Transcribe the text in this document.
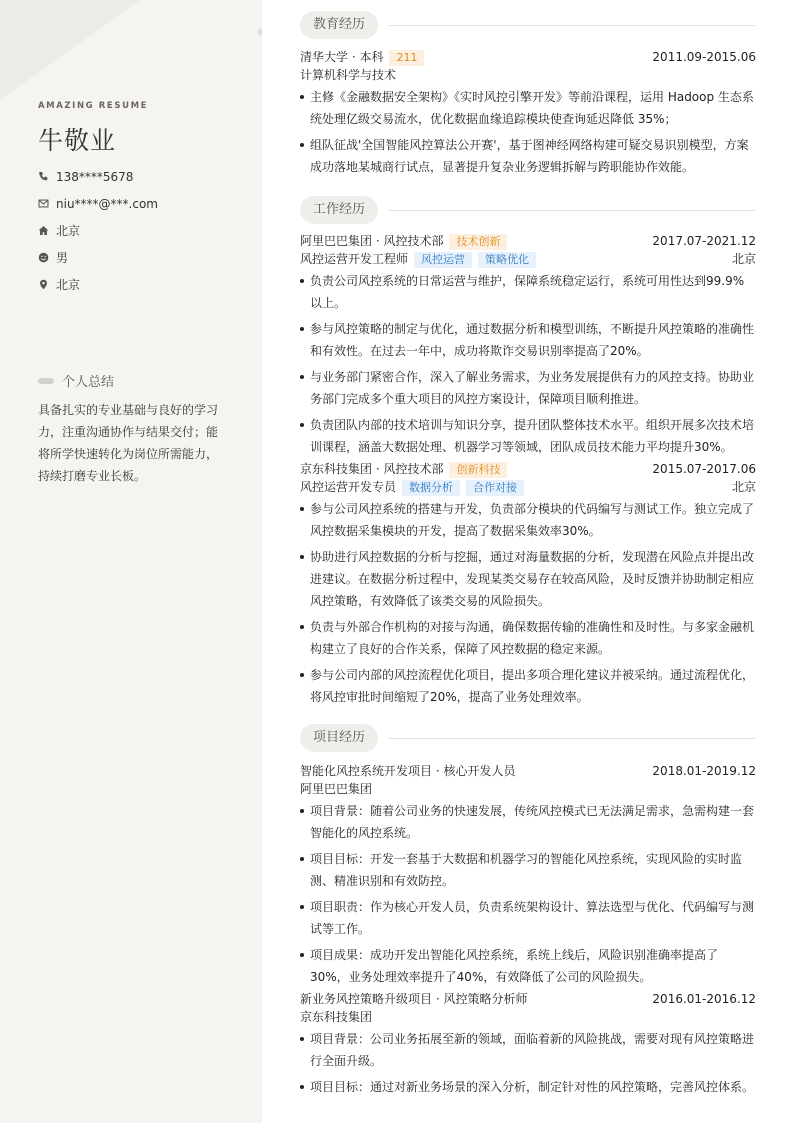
AMAZING RESUME
牛敬业
138****5678
niu****@***.com
北京
男
北京
个人总结
具备扎实的专业基础与良好的学习
力，注重沟通协作与结果交付；能
将所学快速转化为岗位所需能力，
持续打磨专业长板。
教育经历
清华大学 · 本科 211	2011.09-2015.06
计算机科学与技术
主修《金融数据安全架构》《实时风控引擎开发》等前沿课程，运用 Hadoop 生态系统处理亿级交易流水，优化数据血缘追踪模块使查询延迟降低 35%；
组队征战'全国智能风控算法公开赛'，基于图神经网络构建可疑交易识别模型，方案成功落地某城商行试点，显著提升复杂业务逻辑拆解与跨职能协作效能。
工作经历
阿里巴巴集团 · 风控技术部 技术创新	2017.07-2021.12
风控运营开发工程师 风控运营 策略优化	北京
负责公司风控系统的日常运营与维护，保障系统稳定运行，系统可用性达到99.9%以上。
参与风控策略的制定与优化，通过数据分析和模型训练，不断提升风控策略的准确性和有效性。在过去一年中，成功将欺诈交易识别率提高了20%。
与业务部门紧密合作，深入了解业务需求，为业务发展提供有力的风控支持。协助业务部门完成多个重大项目的风控方案设计，保障项目顺利推进。
负责团队内部的技术培训与知识分享，提升团队整体技术水平。组织开展多次技术培训课程，涵盖大数据处理、机器学习等领域，团队成员技术能力平均提升30%。
京东科技集团 · 风控技术部 创新科技	2015.07-2017.06
风控运营开发专员 数据分析 合作对接	北京
参与公司风控系统的搭建与开发，负责部分模块的代码编写与测试工作。独立完成了风控数据采集模块的开发，提高了数据采集效率30%。
协助进行风控数据的分析与挖掘，通过对海量数据的分析，发现潜在风险点并提出改进建议。在数据分析过程中，发现某类交易存在较高风险，及时反馈并协助制定相应风控策略，有效降低了该类交易的风险损失。
负责与外部合作机构的对接与沟通，确保数据传输的准确性和及时性。与多家金融机构建立了良好的合作关系，保障了风控数据的稳定来源。
参与公司内部的风控流程优化项目，提出多项合理化建议并被采纳。通过流程优化，将风控审批时间缩短了20%，提高了业务处理效率。
项目经历
智能化风控系统开发项目 · 核心开发人员	2018.01-2019.12
阿里巴巴集团
项目背景：随着公司业务的快速发展，传统风控模式已无法满足需求，急需构建一套智能化的风控系统。
项目目标：开发一套基于大数据和机器学习的智能化风控系统，实现风险的实时监测、精准识别和有效防控。
项目职责：作为核心开发人员，负责系统架构设计、算法选型与优化、代码编写与测试等工作。
项目成果：成功开发出智能化风控系统，系统上线后，风险识别准确率提高了30%，业务处理效率提升了40%，有效降低了公司的风险损失。
新业务风控策略升级项目 · 风控策略分析师	2016.01-2016.12
京东科技集团
项目背景：公司业务拓展至新的领域，面临着新的风险挑战，需要对现有风控策略进行全面升级。
项目目标：通过对新业务场景的深入分析，制定针对性的风控策略，完善风控体系。
